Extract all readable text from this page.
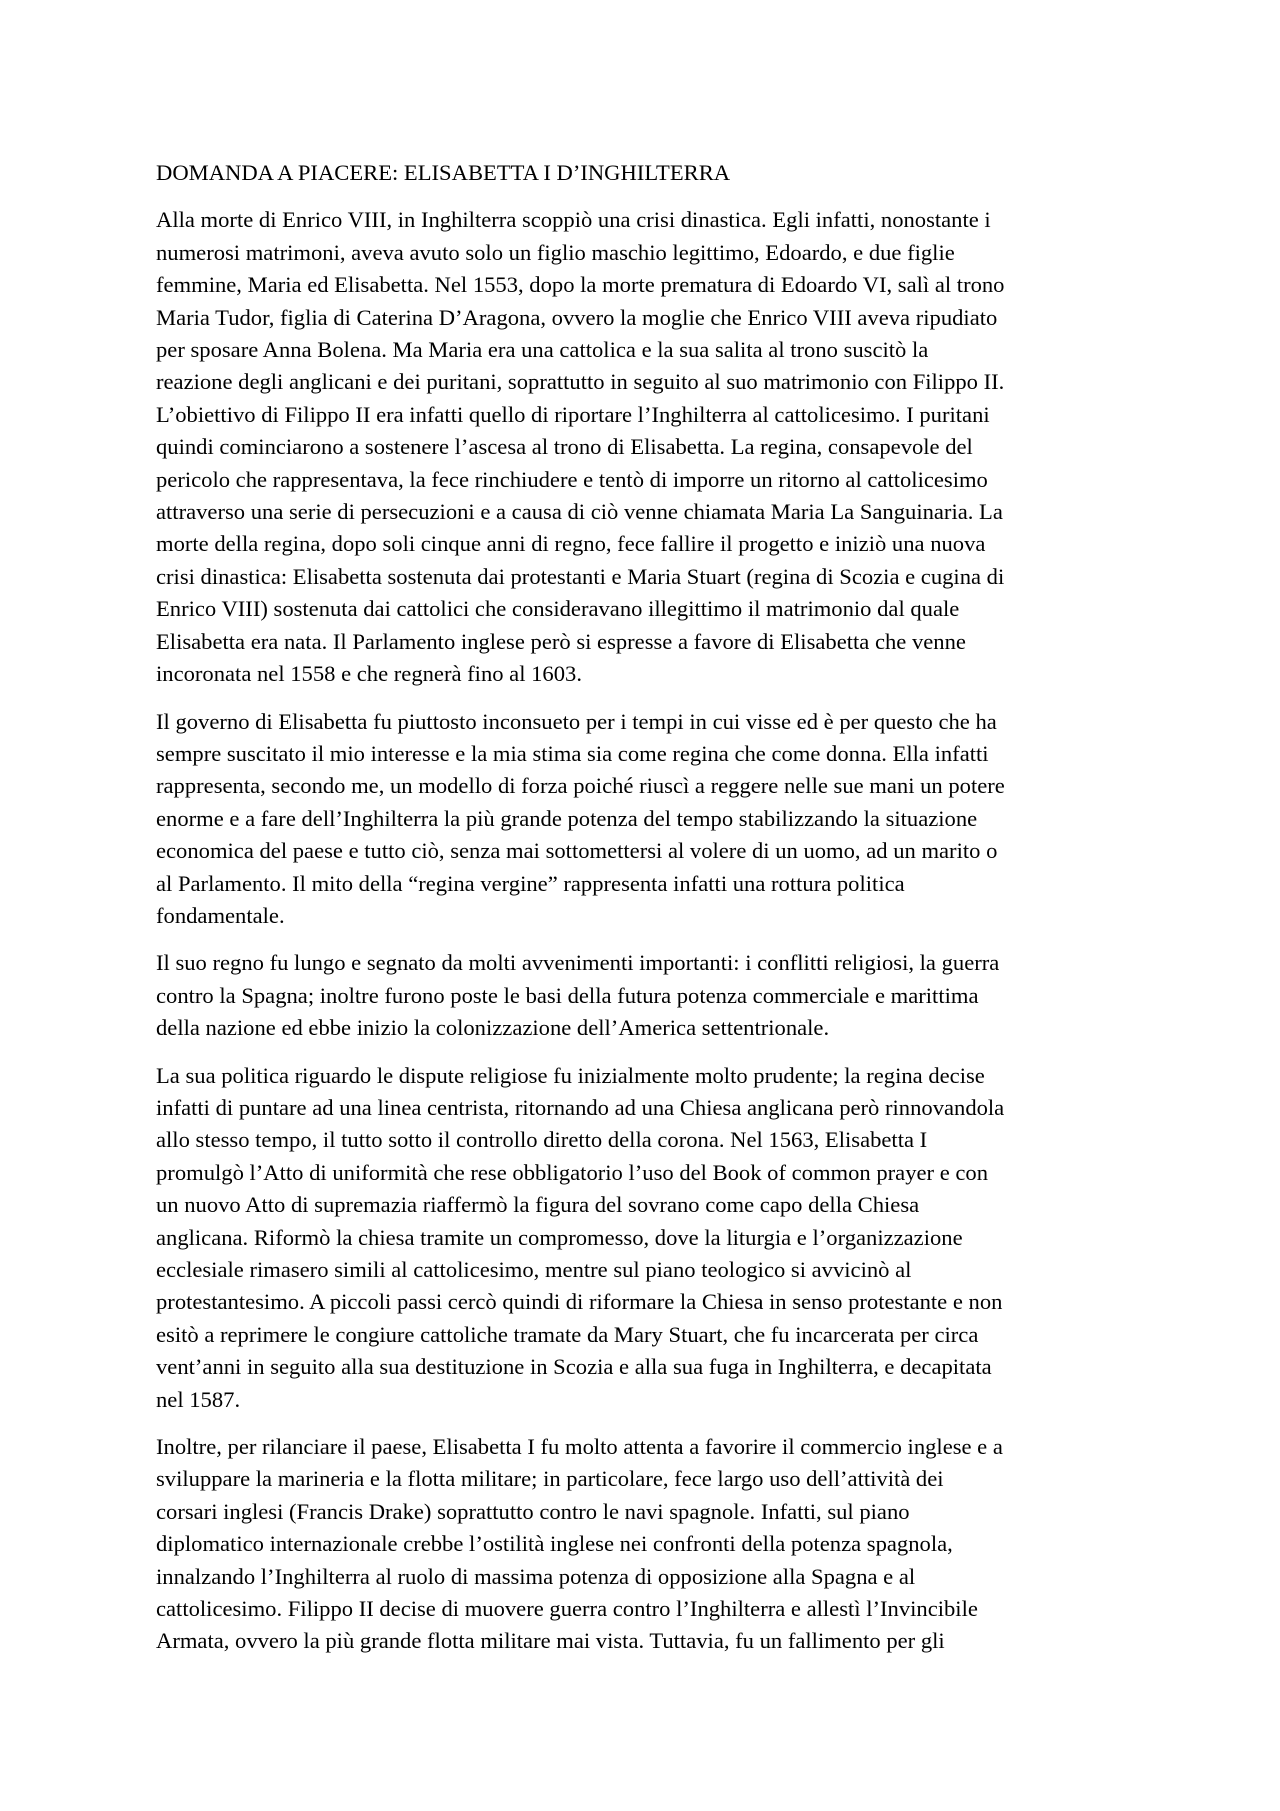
DOMANDA A PIACERE: ELISABETTA I D’INGHILTERRA
Alla morte di Enrico VIII, in Inghilterra scoppiò una crisi dinastica. Egli infatti, nonostante i
numerosi matrimoni, aveva avuto solo un figlio maschio legittimo, Edoardo, e due figlie
femmine, Maria ed Elisabetta. Nel 1553, dopo la morte prematura di Edoardo VI, salì al trono
Maria Tudor, figlia di Caterina D’Aragona, ovvero la moglie che Enrico VIII aveva ripudiato
per sposare Anna Bolena. Ma Maria era una cattolica e la sua salita al trono suscitò la
reazione degli anglicani e dei puritani, soprattutto in seguito al suo matrimonio con Filippo II.
L’obiettivo di Filippo II era infatti quello di riportare l’Inghilterra al cattolicesimo. I puritani
quindi cominciarono a sostenere l’ascesa al trono di Elisabetta. La regina, consapevole del
pericolo che rappresentava, la fece rinchiudere e tentò di imporre un ritorno al cattolicesimo
attraverso una serie di persecuzioni e a causa di ciò venne chiamata Maria La Sanguinaria. La
morte della regina, dopo soli cinque anni di regno, fece fallire il progetto e iniziò una nuova
crisi dinastica: Elisabetta sostenuta dai protestanti e Maria Stuart (regina di Scozia e cugina di
Enrico VIII) sostenuta dai cattolici che consideravano illegittimo il matrimonio dal quale
Elisabetta era nata. Il Parlamento inglese però si espresse a favore di Elisabetta che venne
incoronata nel 1558 e che regnerà fino al 1603.
Il governo di Elisabetta fu piuttosto inconsueto per i tempi in cui visse ed è per questo che ha
sempre suscitato il mio interesse e la mia stima sia come regina che come donna. Ella infatti
rappresenta, secondo me, un modello di forza poiché riuscì a reggere nelle sue mani un potere
enorme e a fare dell’Inghilterra la più grande potenza del tempo stabilizzando la situazione
economica del paese e tutto ciò, senza mai sottomettersi al volere di un uomo, ad un marito o
al Parlamento. Il mito della “regina vergine” rappresenta infatti una rottura politica
fondamentale.
Il suo regno fu lungo e segnato da molti avvenimenti importanti: i conflitti religiosi, la guerra
contro la Spagna; inoltre furono poste le basi della futura potenza commerciale e marittima
della nazione ed ebbe inizio la colonizzazione dell’America settentrionale.
La sua politica riguardo le dispute religiose fu inizialmente molto prudente; la regina decise
infatti di puntare ad una linea centrista, ritornando ad una Chiesa anglicana però rinnovandola
allo stesso tempo, il tutto sotto il controllo diretto della corona. Nel 1563, Elisabetta I
promulgò l’Atto di uniformità che rese obbligatorio l’uso del Book of common prayer e con
un nuovo Atto di supremazia riaffermò la figura del sovrano come capo della Chiesa
anglicana. Riformò la chiesa tramite un compromesso, dove la liturgia e l’organizzazione
ecclesiale rimasero simili al cattolicesimo, mentre sul piano teologico si avvicinò al
protestantesimo. A piccoli passi cercò quindi di riformare la Chiesa in senso protestante e non
esitò a reprimere le congiure cattoliche tramate da Mary Stuart, che fu incarcerata per circa
vent’anni in seguito alla sua destituzione in Scozia e alla sua fuga in Inghilterra, e decapitata
nel 1587.
Inoltre, per rilanciare il paese, Elisabetta I fu molto attenta a favorire il commercio inglese e a
sviluppare la marineria e la flotta militare; in particolare, fece largo uso dell’attività dei
corsari inglesi (Francis Drake) soprattutto contro le navi spagnole. Infatti, sul piano
diplomatico internazionale crebbe l’ostilità inglese nei confronti della potenza spagnola,
innalzando l’Inghilterra al ruolo di massima potenza di opposizione alla Spagna e al
cattolicesimo. Filippo II decise di muovere guerra contro l’Inghilterra e allestì l’Invincibile
Armata, ovvero la più grande flotta militare mai vista. Tuttavia, fu un fallimento per gli
